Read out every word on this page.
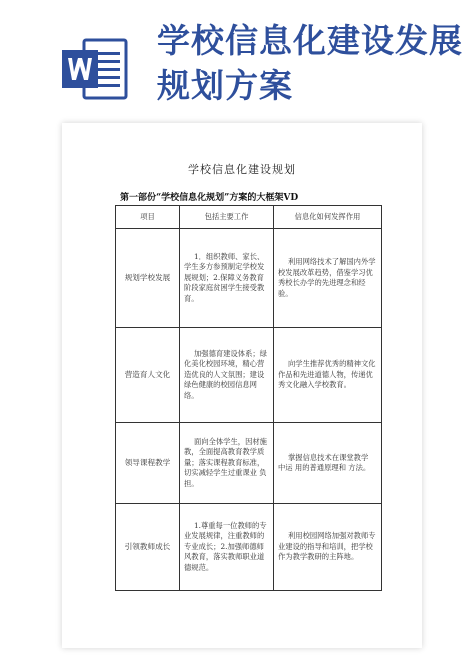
学校信息化建设发展规划方案
学校信息化建设规划
第一部份“学校信息化规划”方案的大框架VD
项目	包括主要工作	信息化如何发挥作用
规划学校发展	1．组织教师、家长、学生多方参预制定学校发展规划；2.保障义务教育阶段家庭贫困学生接受教育。	利用网络技术了解国内外学校发展改革趋势，借鉴学习优秀校长办学的先进理念和经验。
营造育人文化	加强德育建设体系；绿化美化校园环境，精心营造优良的人文氛围；建设绿色健康的校园信息网络。	向学生推荐优秀的精神文化作品和先进道德人物，传递优秀文化融入学校教育。
领导课程教学	面向全体学生，因材施教，全面提高教育教学质量；落实课程教育标准，切实减轻学生过重课业 负担。	掌握信息技术在课堂教学 中运 用的普通原理和 方法。
引领教师成长	1.尊重每一位教师的专业发展规律，注重教师的专业成长；2.加强师德师风教育，落实教师职业道德规范。	利用校园网络加强对教师专业建设的指导和培训，把学校作为教学教研的主阵地。
